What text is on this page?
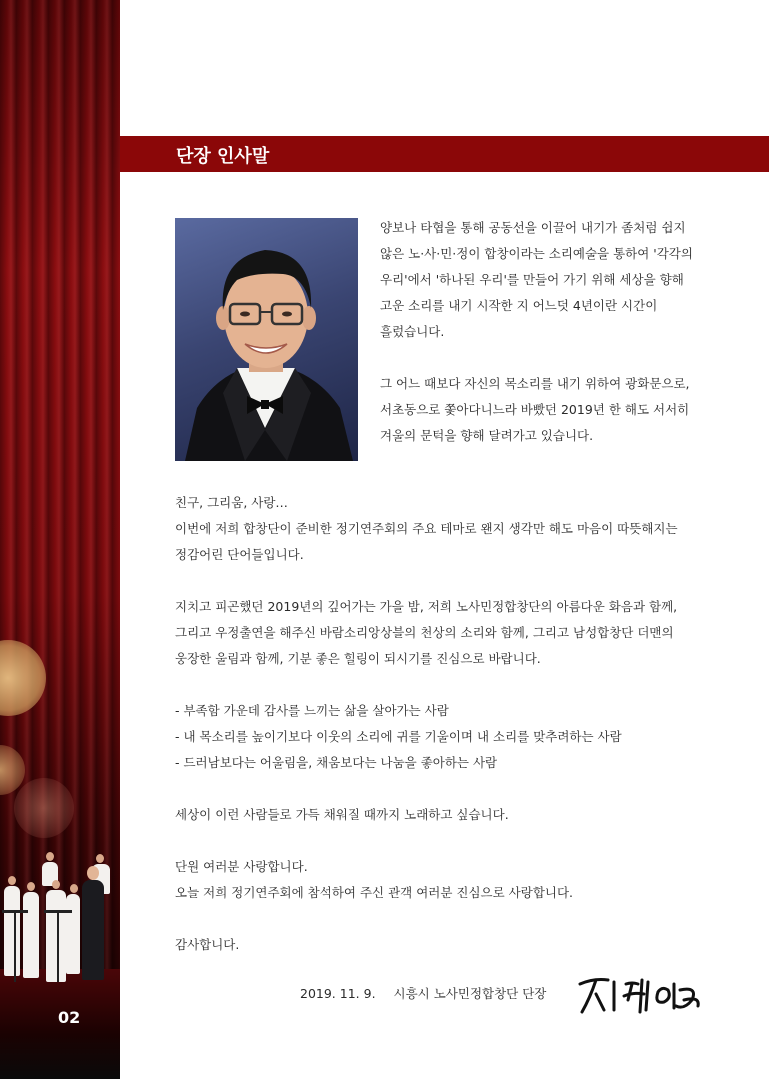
02
단장 인사말

양보나 타협을 통해 공동선을 이끌어 내기가 좀처럼 쉽지
않은 노·사·민·정이 합창이라는 소리예술을 통하여 '각각의
우리'에서 '하나된 우리'를 만들어 가기 위해 세상을 향해
고운 소리를 내기 시작한 지 어느덧 4년이란 시간이
흘렀습니다.

그 어느 때보다 자신의 목소리를 내기 위하여 광화문으로,
서초동으로 쫓아다니느라 바빴던 2019년 한 해도 서서히
겨울의 문턱을 향해 달려가고 있습니다.

친구, 그리움, 사랑…
이번에 저희 합창단이 준비한 정기연주회의 주요 테마로 왠지 생각만 해도 마음이 따뜻해지는
정감어린 단어들입니다.

지치고 피곤했던 2019년의 깊어가는 가을 밤, 저희 노사민정합창단의 아름다운 화음과 함께,
그리고 우정출연을 해주신 바람소리앙상블의 천상의 소리와 함께, 그리고 남성합창단 더맨의
웅장한 울림과 함께, 기분 좋은 힐링이 되시기를 진심으로 바랍니다.

- 부족함 가운데 감사를 느끼는 삶을 살아가는 사람
- 내 목소리를 높이기보다 이웃의 소리에 귀를 기울이며 내 소리를 맞추려하는 사람
- 드러남보다는 어울림을, 채움보다는 나눔을 좋아하는 사람

세상이 이런 사람들로 가득 채워질 때까지 노래하고 싶습니다.

단원 여러분 사랑합니다.
오늘 저희 정기연주회에 참석하여 주신 관객 여러분 진심으로 사랑합니다.

감사합니다.

2019. 11. 9. 시흥시 노사민정합창단 단장
